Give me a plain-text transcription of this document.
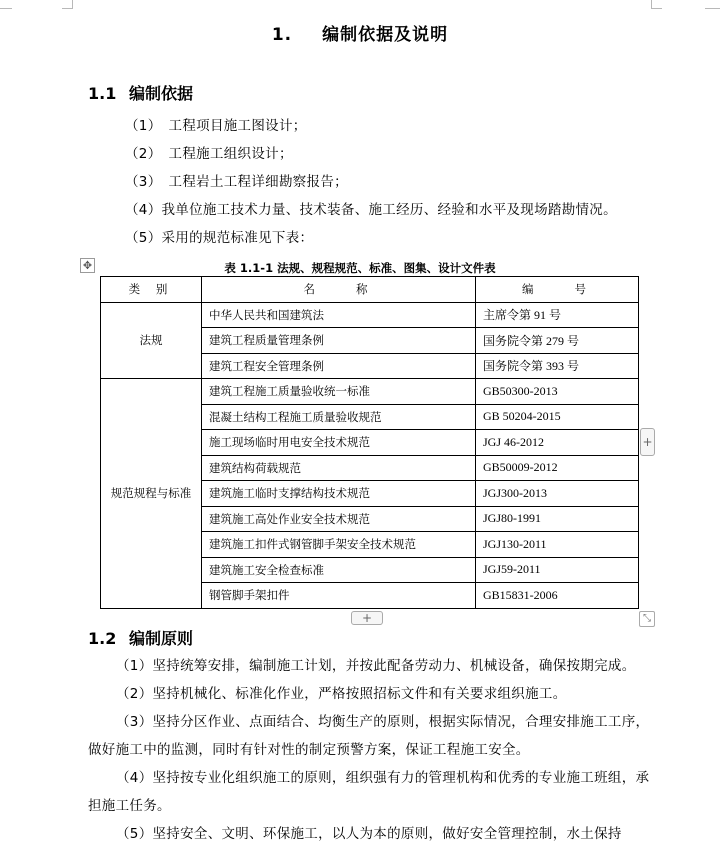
1. 编制依据及说明
1.1 编制依据
（1）　工程项目施工图设计；
（2）　工程施工组织设计；
（3）　工程岩土工程详细勘察报告；
（4）我单位施工技术力量、技术装备、施工经历、经验和水平及现场踏勘情况。
（5）采用的规范标准见下表：
✥	表 1.1-1 法规、规程规范、标准、图集、设计文件表
类 别	名　　称	编　　号
法规	中华人民共和国建筑法	主席令第 91 号
	建筑工程质量管理条例	国务院令第 279 号
	建筑工程安全管理条例	国务院令第 393 号
规范规程与标准	建筑工程施工质量验收统一标准	GB50300-2013
	混凝土结构工程施工质量验收规范	GB 50204-2015
	施工现场临时用电安全技术规范	JGJ 46-2012
	建筑结构荷载规范	GB50009-2012
	建筑施工临时支撑结构技术规范	JGJ300-2013
	建筑施工高处作业安全技术规范	JGJ80-1991
	建筑施工扣件式钢管脚手架安全技术规范	JGJ130-2011
	建筑施工安全检查标准	JGJ59-2011
	钢管脚手架扣件	GB15831-2006
+
+	⤡
1.2 编制原则
（1）坚持统筹安排，编制施工计划，并按此配备劳动力、机械设备，确保按期完成。
（2）坚持机械化、标准化作业，严格按照招标文件和有关要求组织施工。
（3）坚持分区作业、点面结合、均衡生产的原则，根据实际情况，合理安排施工工序，做好施工中的监测，同时有针对性的制定预警方案，保证工程施工安全。
（4）坚持按专业化组织施工的原则，组织强有力的管理机构和优秀的专业施工班组，承担施工任务。
（5）坚持安全、文明、环保施工，以人为本的原则，做好安全管理控制，水土保持
